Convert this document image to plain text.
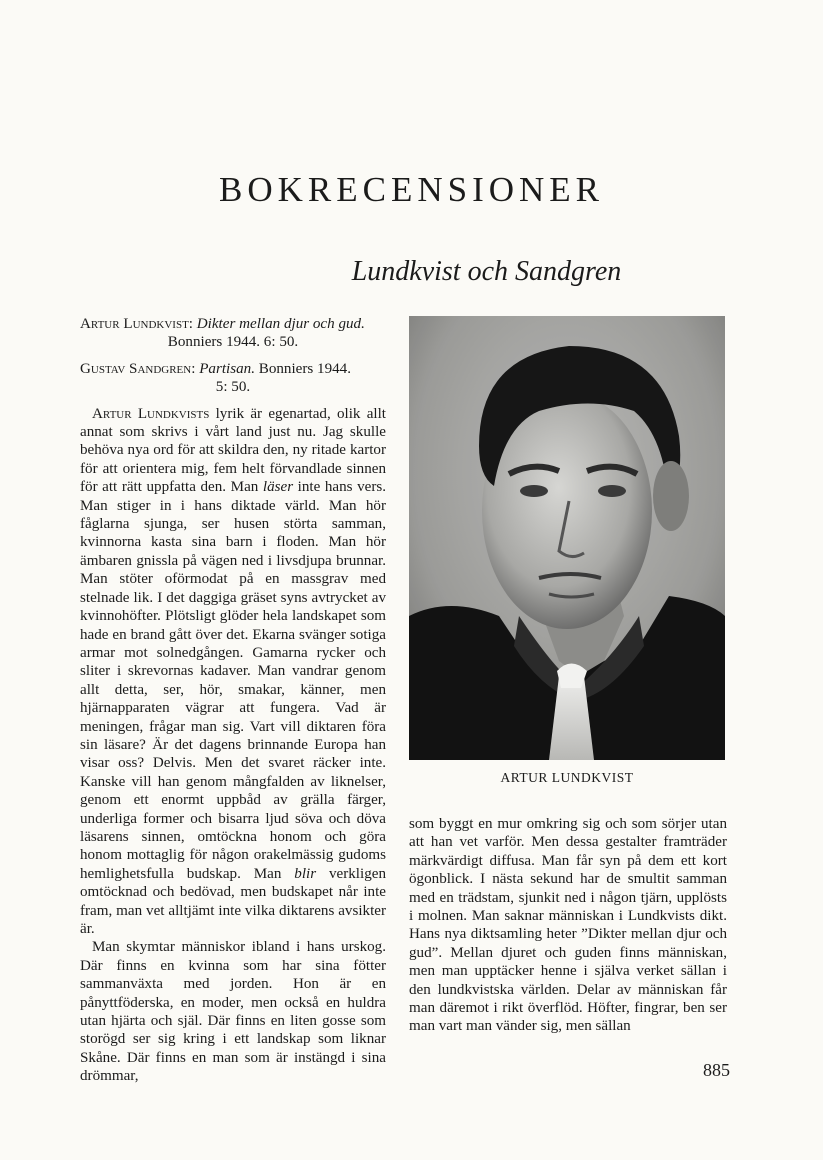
BOKRECENSIONER
Lundkvist och Sandgren

Artur Lundkvist: Dikter mellan djur och gud.
Bonniers 1944. 6: 50.

Gustav Sandgren: Partisan. Bonniers 1944.
5: 50.

Artur Lundkvists lyrik är egenartad, olik allt annat som skrivs i vårt land just nu. Jag skulle behöva nya ord för att skildra den, ny ritade kartor för att orientera mig, fem helt förvandlade sinnen för att rätt uppfatta den. Man läser inte hans vers. Man stiger in i hans diktade värld. Man hör fåglarna sjunga, ser husen störta samman, kvinnorna kasta sina barn i floden. Man hör ämbaren gnissla på vägen ned i livsdjupa brunnar. Man stöter oförmodat på en massgrav med stelnade lik. I det daggiga gräset syns avtrycket av kvinnohöfter. Plötsligt glöder hela landskapet som hade en brand gått över det. Ekarna svänger sotiga armar mot solnedgången. Gamarna rycker och sliter i skrevornas kadaver. Man vandrar genom allt detta, ser, hör, smakar, känner, men hjärnapparaten vägrar att fungera. Vad är meningen, frågar man sig. Vart vill diktaren föra sin läsare? Är det dagens brinnande Europa han visar oss? Delvis. Men det svaret räcker inte. Kanske vill han genom mångfalden av liknelser, genom ett enormt uppbåd av grälla färger, underliga former och bisarra ljud söva och döva läsarens sinnen, omtöckna honom och göra honom mottaglig för någon orakelmässig gudoms hemlighetsfulla budskap. Man blir verkligen omtöcknad och bedövad, men budskapet når inte fram, man vet alltjämt inte vilka diktarens avsikter är.

Man skymtar människor ibland i hans urskog. Där finns en kvinna som har sina fötter sammanväxta med jorden. Hon är en pånyttföderska, en moder, men också en huldra utan hjärta och själ. Där finns en liten gosse som storögd ser sig kring i ett landskap som liknar Skåne. Där finns en man som är instängd i sina drömmar,

ARTUR LUNDKVIST

som byggt en mur omkring sig och som sörjer utan att han vet varför. Men dessa gestalter framträder märkvärdigt diffusa. Man får syn på dem ett kort ögonblick. I nästa sekund har de smultit samman med en trädstam, sjunkit ned i någon tjärn, upplösts i molnen. Man saknar människan i Lundkvists dikt. Hans nya diktsamling heter ”Dikter mellan djur och gud”. Mellan djuret och guden finns människan, men man upptäcker henne i själva verket sällan i den lundkvistska världen. Delar av människan får man däremot i rikt överflöd. Höfter, fingrar, ben ser man vart man vänder sig, men sällan

885
